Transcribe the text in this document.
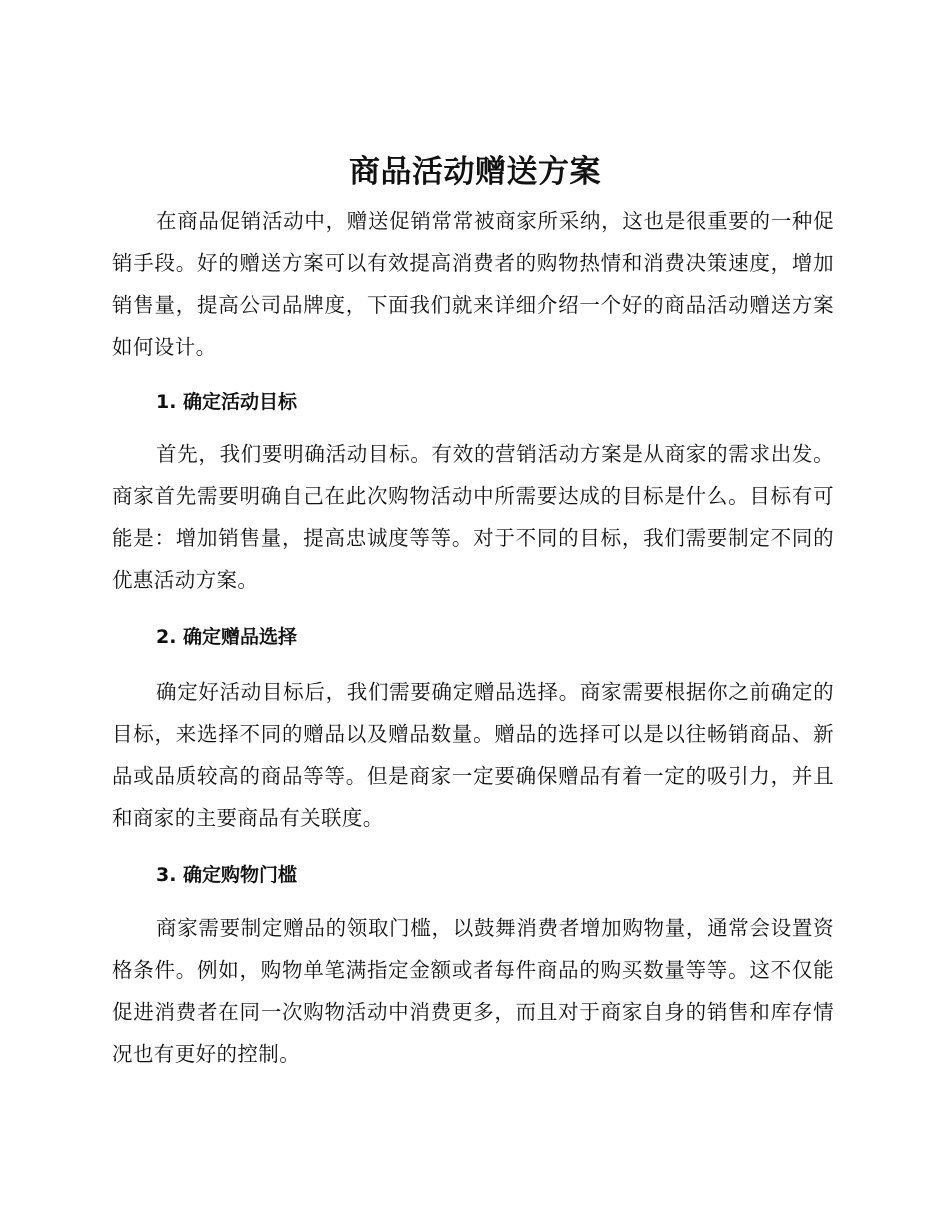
商品活动赠送方案

在商品促销活动中，赠送促销常常被商家所采纳，这也是很重要的一种促销手段。好的赠送方案可以有效提高消费者的购物热情和消费决策速度，增加销售量，提高公司品牌度，下面我们就来详细介绍一个好的商品活动赠送方案如何设计。

1. 确定活动目标

首先，我们要明确活动目标。有效的营销活动方案是从商家的需求出发。商家首先需要明确自己在此次购物活动中所需要达成的目标是什么。目标有可能是：增加销售量，提高忠诚度等等。对于不同的目标，我们需要制定不同的优惠活动方案。

2. 确定赠品选择

确定好活动目标后，我们需要确定赠品选择。商家需要根据你之前确定的目标，来选择不同的赠品以及赠品数量。赠品的选择可以是以往畅销商品、新品或品质较高的商品等等。但是商家一定要确保赠品有着一定的吸引力，并且和商家的主要商品有关联度。

3. 确定购物门槛

商家需要制定赠品的领取门槛，以鼓舞消费者增加购物量，通常会设置资格条件。例如，购物单笔满指定金额或者每件商品的购买数量等等。这不仅能促进消费者在同一次购物活动中消费更多，而且对于商家自身的销售和库存情况也有更好的控制。
